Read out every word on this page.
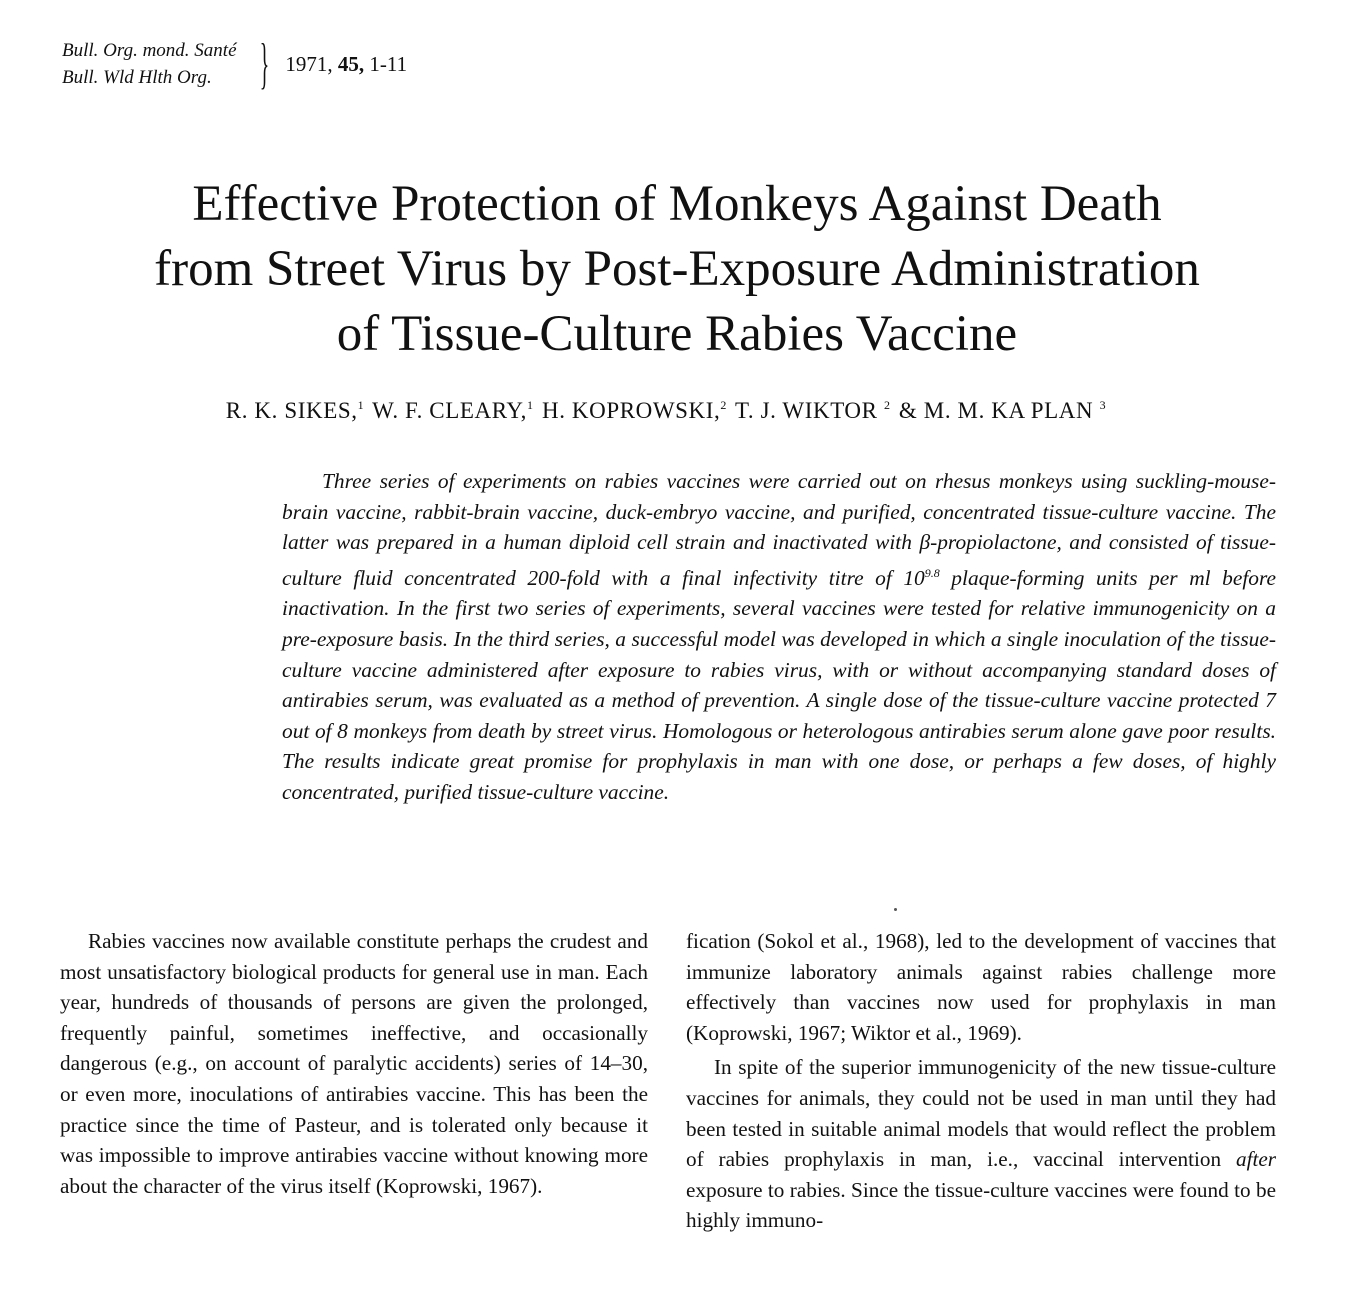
Bull. Org. mond. Santé
Bull. Wld Hlth Org. } 1971, 45, 1-11
Effective Protection of Monkeys Against Death
from Street Virus by Post-Exposure Administration
of Tissue-Culture Rabies Vaccine
R. K. SIKES,$^1$ W. F. CLEARY,$^1$ H. KOPROWSKI,$^2$ T. J. WIKTOR $^2$ & M. M. KA PLAN $^3$

Three series of experiments on rabies vaccines were carried out on rhesus monkeys using suckling-mouse-brain vaccine, rabbit-brain vaccine, duck-embryo vaccine, and purified, concentrated tissue-culture vaccine. The latter was prepared in a human diploid cell strain and inactivated with β-propiolactone, and consisted of tissue-culture fluid concentrated 200-fold with a final infectivity titre of $10^{9.8}$ plaque-forming units per ml before inactivation. In the first two series of experiments, several vaccines were tested for relative immunogenicity on a pre-exposure basis. In the third series, a successful model was developed in which a single inoculation of the tissue-culture vaccine administered after exposure to rabies virus, with or without accompanying standard doses of antirabies serum, was evaluated as a method of prevention. A single dose of the tissue-culture vaccine protected 7 out of 8 monkeys from death by street virus. Homologous or heterologous antirabies serum alone gave poor results. The results indicate great promise for prophylaxis in man with one dose, or perhaps a few doses, of highly concentrated, purified tissue-culture vaccine.

Rabies vaccines now available constitute perhaps the crudest and most unsatisfactory biological products for general use in man. Each year, hundreds of thousands of persons are given the prolonged, frequently painful, sometimes ineffective, and occasionally dangerous (e.g., on account of paralytic accidents) series of 14–30, or even more, inoculations of antirabies vaccine. This has been the practice since the time of Pasteur, and is tolerated only because it was impossible to improve antirabies vaccine without knowing more about the character of the virus itself (Koprowski, 1967).

fication (Sokol et al., 1968), led to the development of vaccines that immunize laboratory animals against rabies challenge more effectively than vaccines now used for prophylaxis in man (Koprowski, 1967; Wiktor et al., 1969).

In spite of the superior immunogenicity of the new tissue-culture vaccines for animals, they could not be used in man until they had been tested in suitable animal models that would reflect the problem of rabies prophylaxis in man, i.e., vaccinal intervention after exposure to rabies. Since the tissue-culture vaccines were found to be highly immuno-
